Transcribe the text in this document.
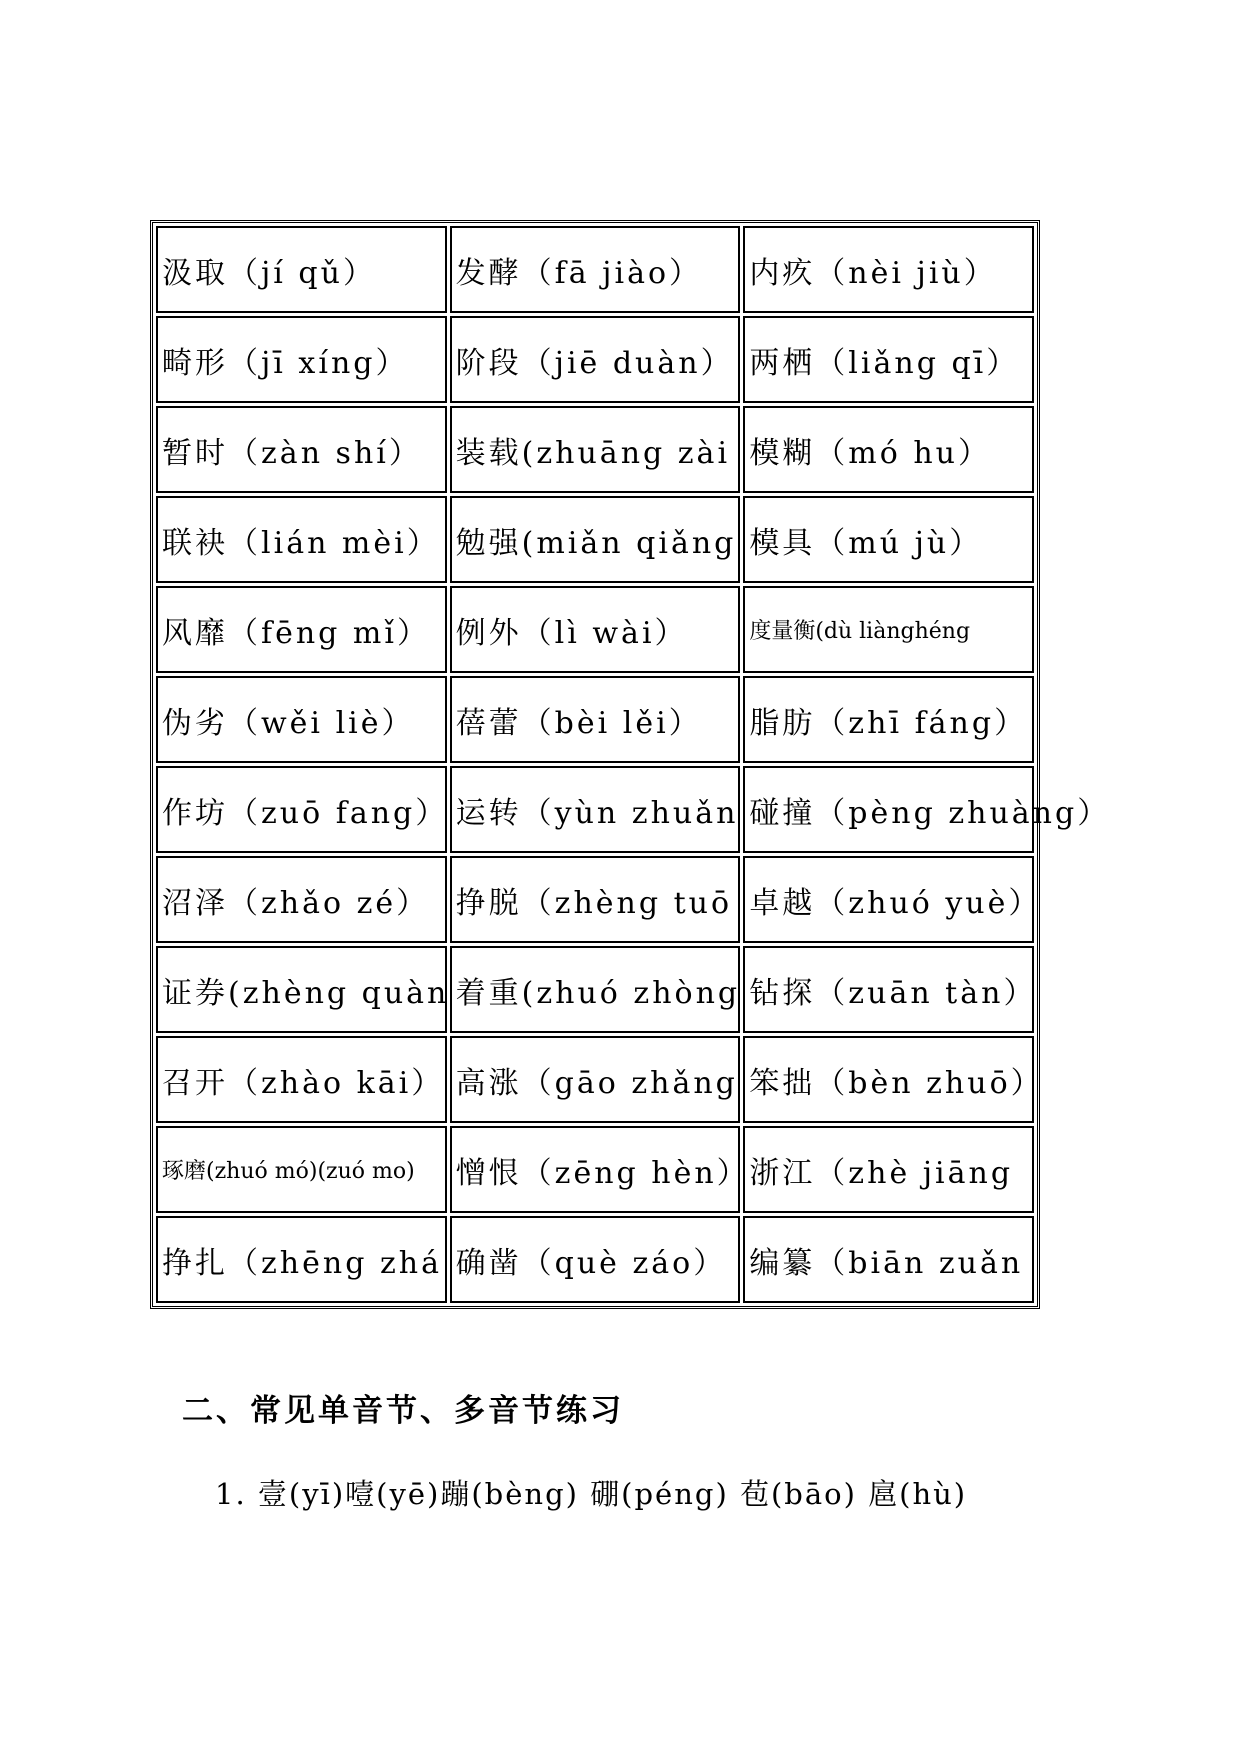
汲取（jí qǔ）	发酵（fā jiào）	内疚（nèi jiù）
畸形（jī xíng）	阶段（jiē duàn）	两栖（liǎng qī）
暂时（zàn shí）	装载(zhuāng zài	模糊（mó hu）
联袂（lián mèi）	勉强(miǎn qiǎng	模具（mú jù）
风靡（fēng mǐ）	例外（lì wài）	度量衡(dù liànghéng
伪劣（wěi liè）	蓓蕾（bèi lěi）	脂肪（zhī fáng）
作坊（zuō fang）	运转（yùn zhuǎn	碰撞（pèng zhuàng）
沼泽（zhǎo zé）	挣脱（zhèng tuō	卓越（zhuó yuè）
证券(zhèng quàn	着重(zhuó zhòng	钻探（zuān tàn）
召开（zhào kāi）	高涨（gāo zhǎng	笨拙（bèn zhuō）
琢磨(zhuó mó)(zuó mo)	憎恨（zēng hèn）	浙江（zhè jiāng
挣扎（zhēng zhá	确凿（què záo）	编纂（biān zuǎn
二、常见单音节、多音节练习

1. 壹(yī)噎(yē)蹦(bèng) 硼(péng) 苞(bāo) 扈(hù)
